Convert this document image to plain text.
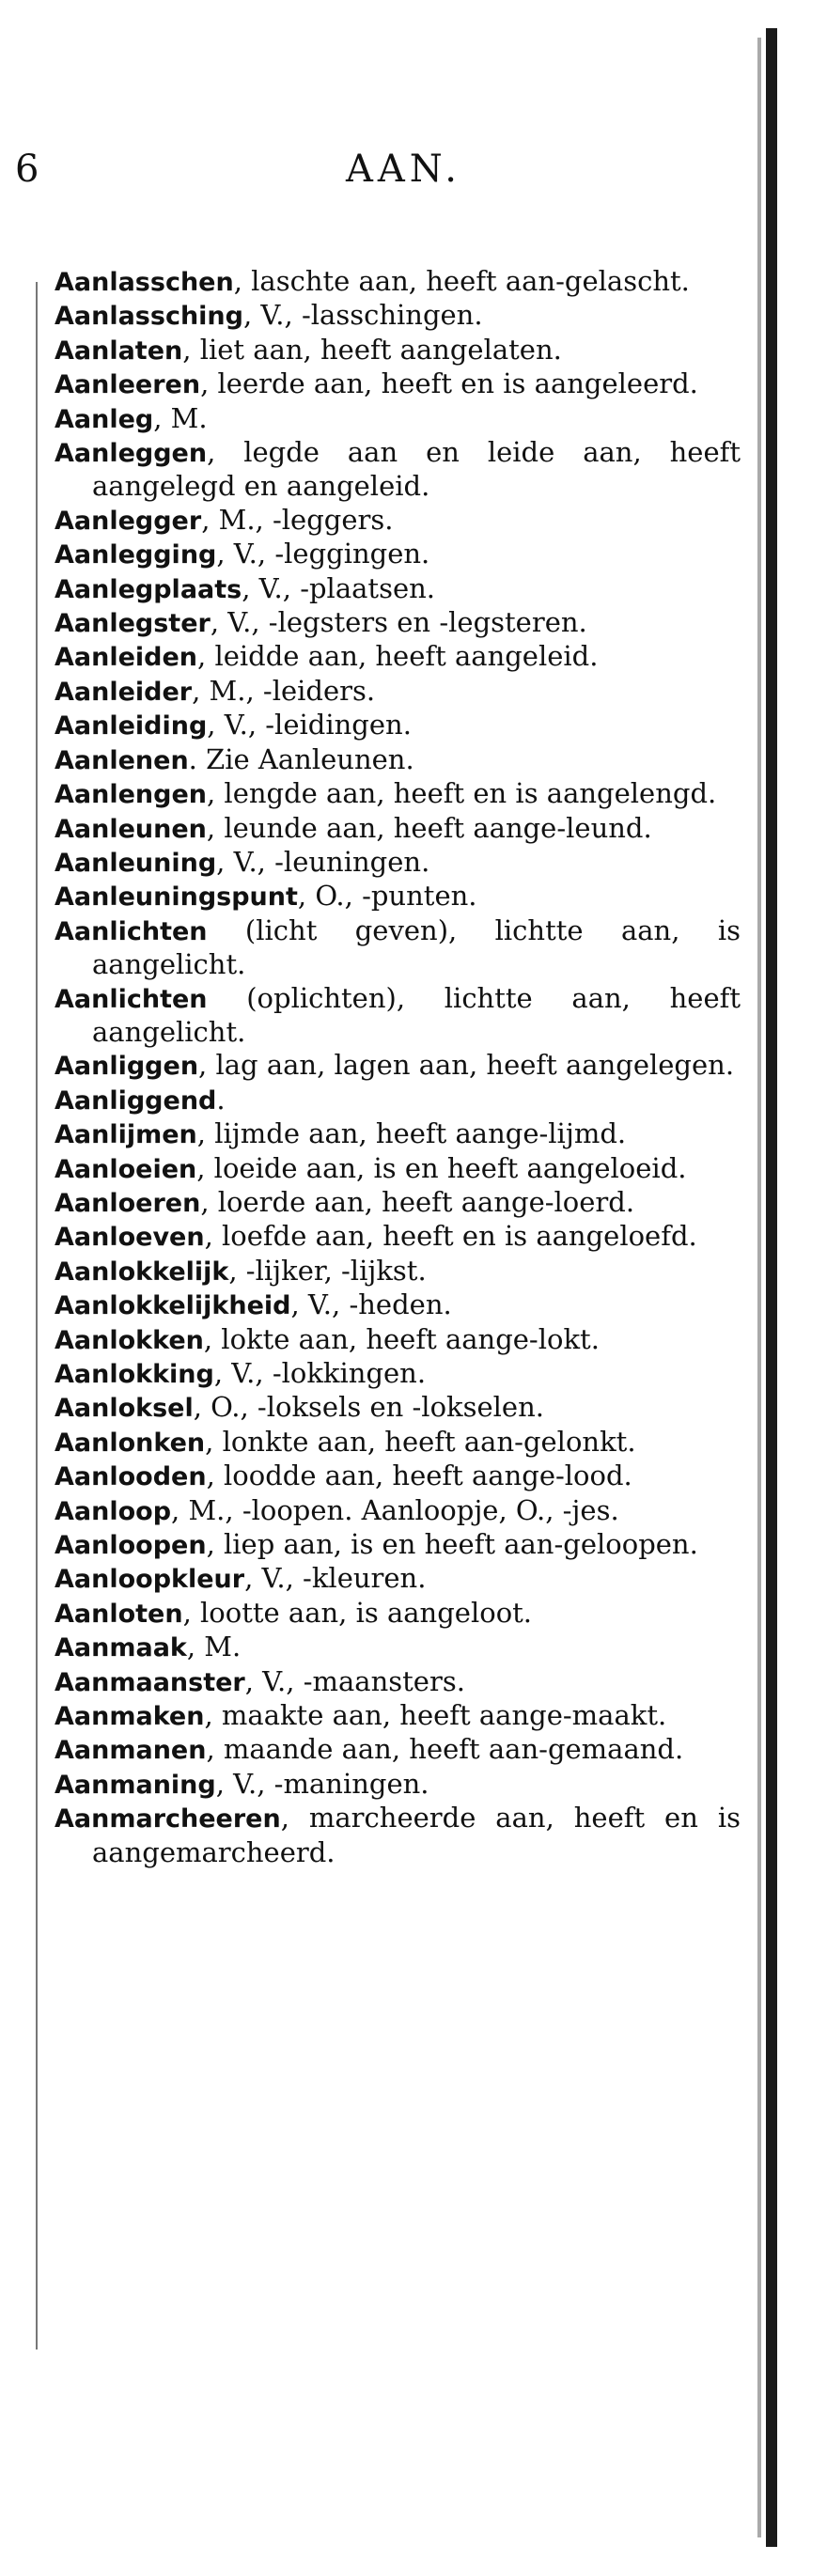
6	AAN.
Aanlasschen, laschte aan, heeft aan-gelascht.
Aanlassching, V., -lasschingen.
Aanlaten, liet aan, heeft aangelaten.
Aanleeren, leerde aan, heeft en is aangeleerd.
Aanleg, M.
Aanleggen, legde aan en leide aan, heeft aangelegd en aangeleid.
Aanlegger, M., -leggers.
Aanlegging, V., -leggingen.
Aanlegplaats, V., -plaatsen.
Aanlegster, V., -legsters en -legsteren.
Aanleiden, leidde aan, heeft aangeleid.
Aanleider, M., -leiders.
Aanleiding, V., -leidingen.
Aanlenen. Zie Aanleunen.
Aanlengen, lengde aan, heeft en is aangelengd.
Aanleunen, leunde aan, heeft aange-leund.
Aanleuning, V., -leuningen.
Aanleuningspunt, O., -punten.
Aanlichten (licht geven), lichtte aan, is aangelicht.
Aanlichten (oplichten), lichtte aan, heeft aangelicht.
Aanliggen, lag aan, lagen aan, heeft aangelegen.
Aanliggend.
Aanlijmen, lijmde aan, heeft aange-lijmd.
Aanloeien, loeide aan, is en heeft aangeloeid.
Aanloeren, loerde aan, heeft aange-loerd.
Aanloeven, loefde aan, heeft en is aangeloefd.
Aanlokkelijk, -lijker, -lijkst.
Aanlokkelijkheid, V., -heden.
Aanlokken, lokte aan, heeft aange-lokt.
Aanlokking, V., -lokkingen.
Aanloksel, O., -loksels en -lokselen.
Aanlonken, lonkte aan, heeft aan-gelonkt.
Aanlooden, loodde aan, heeft aange-lood.
Aanloop, M., -loopen. Aanloopje, O., -jes.
Aanloopen, liep aan, is en heeft aan-geloopen.
Aanloopkleur, V., -kleuren.
Aanloten, lootte aan, is aangeloot.
Aanmaak, M.
Aanmaanster, V., -maansters.
Aanmaken, maakte aan, heeft aange-maakt.
Aanmanen, maande aan, heeft aan-gemaand.
Aanmaning, V., -maningen.
Aanmarcheeren, marcheerde aan, heeft en is aangemarcheerd.
